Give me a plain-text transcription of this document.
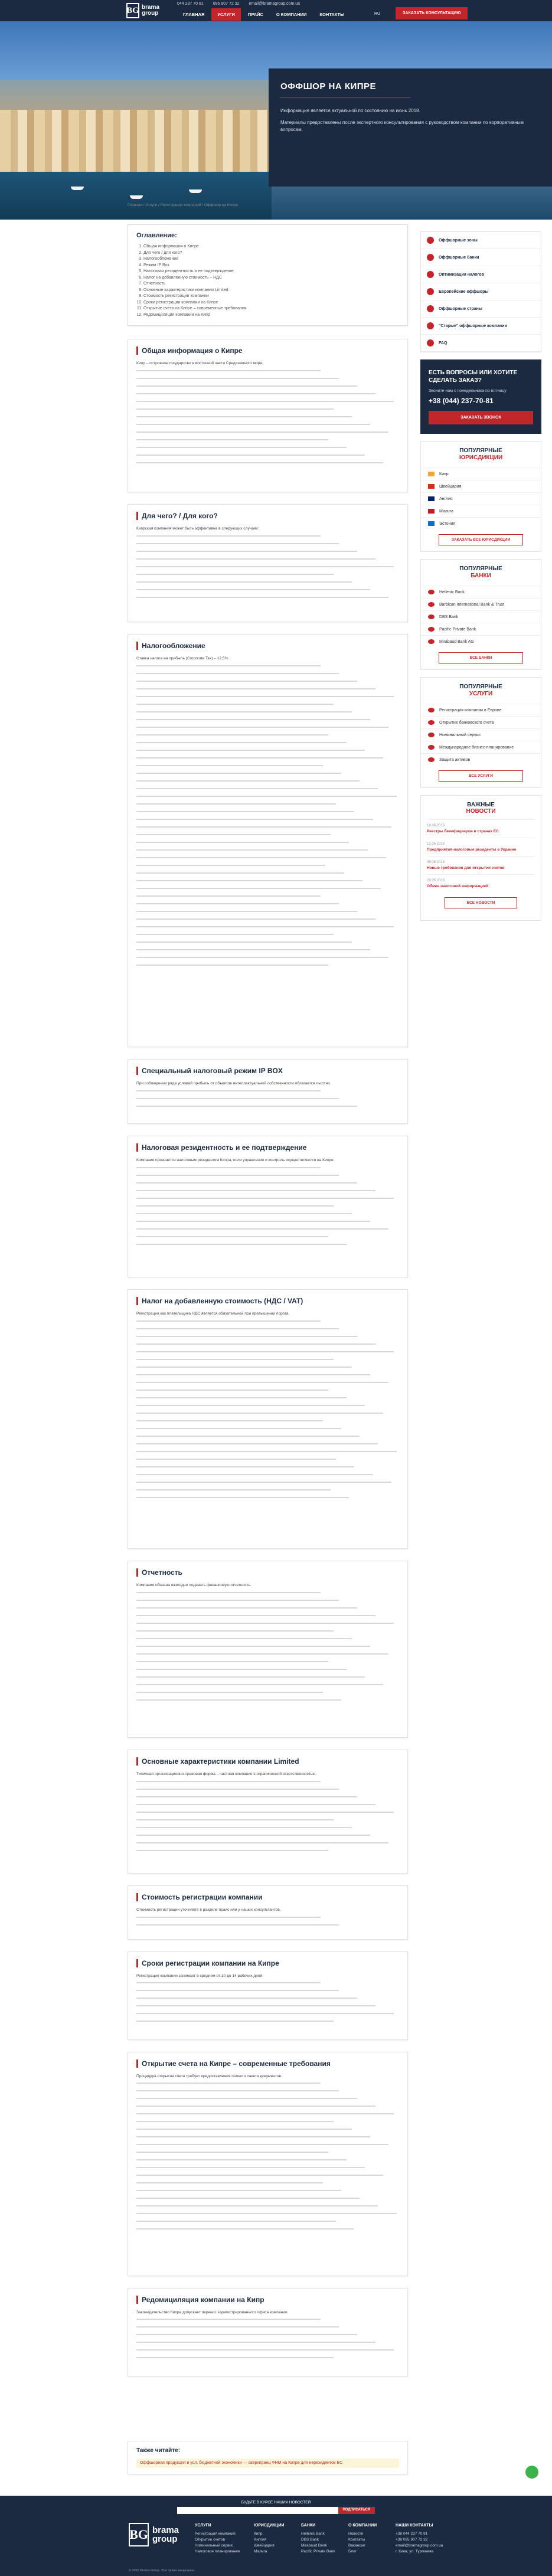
BG brama
group
044 237 70 81 095 907 72 32 email@bramagroup.com.ua
ГЛАВНАЯ	УСЛУГИ	ПРАЙС	О КОМПАНИИ	КОНТАКТЫ	RU	ЗАКАЗАТЬ КОНСУЛЬТАЦИЮ
ОФФШОР НА КИПРЕ

Информация является актуальной по состоянию на июнь 2018.

Материалы предоставлены после экспертного консультирования с руководством компании по корпоративным вопросам.

Главная / Услуги / Регистрация компаний / Оффшор на Кипре
Оглавление:
1. Общая информация о Кипре
2. Для чего / для кого?
3. Налогообложение
4. Режим IP Box
5. Налоговая резидентность и ее подтверждение
6. Налог на добавленную стоимость – НДС
7. Отчетность
8. Основные характеристики компании Limited
9. Стоимость регистрации компании
10. Сроки регистрации компании на Кипре
11. Открытие счета на Кипре – современные требования
12. Редомициляция компании на Кипр
Общая информация о Кипре

Кипр – островное государство в восточной части Средиземного моря.

Для чего? / Для кого?

Кипрская компания может быть эффективна в следующих случаях:

Налогообложение

Ставка налога на прибыль (Corporate Tax) – 12,5%.

Специальный налоговый режим IP BOX

При соблюдении ряда условий прибыль от объектов интеллектуальной собственности облагается льготно.

Налоговая резидентность и ее подтверждение

Компания признается налоговым резидентом Кипра, если управление и контроль осуществляются на Кипре.

Налог на добавленную стоимость (НДС / VAT)

Регистрация как плательщика НДС является обязательной при превышении порога.

Отчетность

Компания обязана ежегодно подавать финансовую отчетность.

Основные характеристики компании Limited

Типичная организационно-правовая форма – частная компания с ограниченной ответственностью.

Стоимость регистрации компании

Стоимость регистрации уточняйте в разделе прайс или у наших консультантов.

Сроки регистрации компании на Кипре

Регистрация компании занимает в среднем от 10 до 14 рабочих дней.

Открытие счета на Кипре – современные требования

Процедура открытия счета требует предоставления полного пакета документов.

Редомициляция компании на Кипр

Законодательство Кипра допускает перенос зарегистрированного офиса компании.

Оффшорные зоны
Оффшорные банки
Оптимизация налогов
Европейские оффшоры
Оффшорные страны
"Старые" оффшорные компании
FAQ
ЕСТЬ ВОПРОСЫ ИЛИ ХОТИТЕ СДЕЛАТЬ ЗАКАЗ?
Звоните нам с понедельника по пятницу
+38 (044) 237-70-81
ЗАКАЗАТЬ ЗВОНОК
ПОПУЛЯРНЫЕ
ЮРИСДИКЦИИ
Кипр
Швейцария
Англия
Мальта
Эстония
ЗАКАЗАТЬ ВСЕ ЮРИСДИКЦИИ
ПОПУЛЯРНЫЕ
БАНКИ
Hellenic Bank
Barbican International Bank & Trust
DBS Bank
Pacific Private Bank
Mirabaud Bank AG
ВСЕ БАНКИ
ПОПУЛЯРНЫЕ
УСЛУГИ
Регистрация компании в Европе
Открытие банковского счета
Номинальный сервис
Международное бизнес-планирование
Защита активов
ВСЕ УСЛУГИ
ВАЖНЫЕ
НОВОСТИ
18.06.2018
Реестры бенефициаров в странах ЕС
12.06.2018
Предприятия-налоговые резиденты в Украине
05.06.2018
Новые требования для открытия счетов
29.05.2018
Обмен налоговой информацией
ВСЕ НОВОСТИ
Также читайте:
Оффшорная продукция в усл. бюджетной экономики — сверхпринц ФНМ на Кипре для нерезидентов ЕС
БУДЬТЕ В КУРСЕ НАШИХ НОВОСТЕЙ
ПОДПИСАТЬСЯ
BG brama
group
УСЛУГИ
Регистрация компаний
Открытие счетов
Номинальный сервис
Налоговое планирование
ЮРИСДИКЦИИ
Кипр
Англия
Швейцария
Мальта
БАНКИ
Hellenic Bank
DBS Bank
Mirabaud Bank
Pacific Private Bank
О КОМПАНИИ
Новости
Контакты
Вакансии
Блог
НАШИ КОНТАКТЫ
+38 044 237 70 81
+38 095 907 72 32
email@bramagroup.com.ua
г. Киев, ул. Тургенева
© 2018 Brama Group. Все права защищены.
